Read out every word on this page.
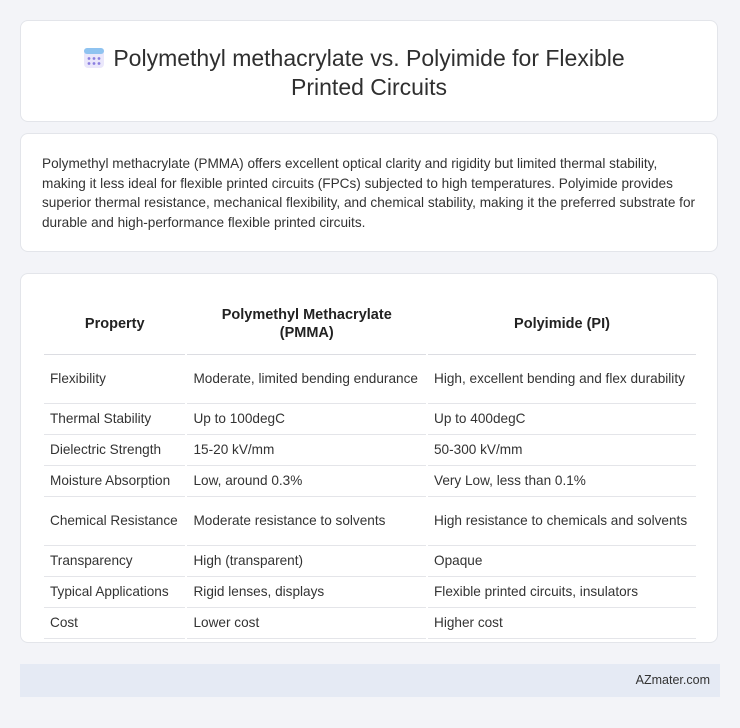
Polymethyl methacrylate vs. Polyimide for Flexible
Printed Circuits

Polymethyl methacrylate (PMMA) offers excellent optical clarity and rigidity but limited thermal stability, making it less ideal for flexible printed circuits (FPCs) subjected to high temperatures. Polyimide provides superior thermal resistance, mechanical flexibility, and chemical stability, making it the preferred substrate for durable and high-performance flexible printed circuits.

Property	Polymethyl Methacrylate (PMMA)	Polyimide (PI)
Flexibility	Moderate, limited bending endurance	High, excellent bending and flex durability
Thermal Stability	Up to 100degC	Up to 400degC
Dielectric Strength	15-20 kV/mm	50-300 kV/mm
Moisture Absorption	Low, around 0.3%	Very Low, less than 0.1%
Chemical Resistance	Moderate resistance to solvents	High resistance to chemicals and solvents
Transparency	High (transparent)	Opaque
Typical Applications	Rigid lenses, displays	Flexible printed circuits, insulators
Cost	Lower cost	Higher cost
AZmater.com
